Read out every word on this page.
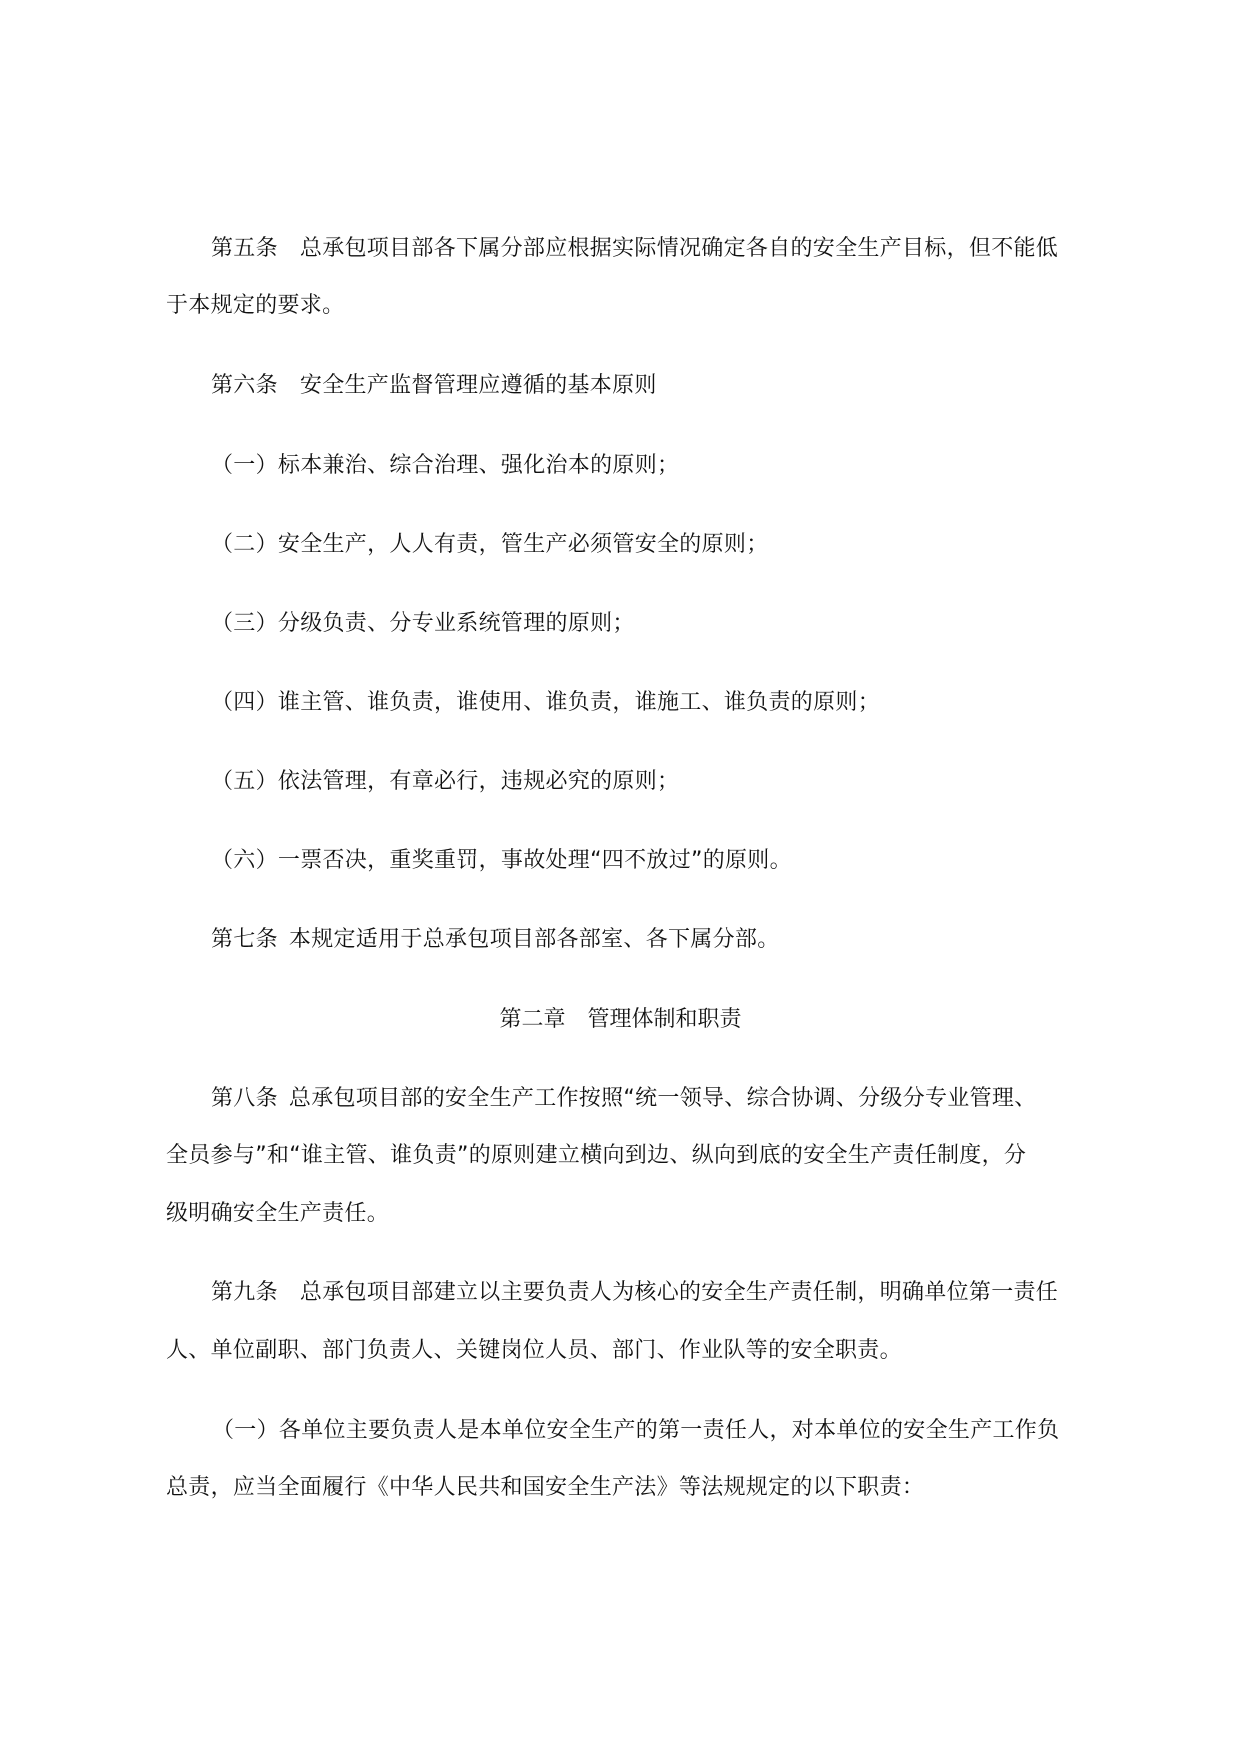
第五条 总承包项目部各下属分部应根据实际情况确定各自的安全生产目标，但不能低
于本规定的要求。
第六条 安全生产监督管理应遵循的基本原则
（一）标本兼治、综合治理、强化治本的原则；
（二）安全生产，人人有责，管生产必须管安全的原则；
（三）分级负责、分专业系统管理的原则；
（四）谁主管、谁负责，谁使用、谁负责，谁施工、谁负责的原则；
（五）依法管理，有章必行，违规必究的原则；
（六）一票否决，重奖重罚，事故处理“四不放过”的原则。
第七条 本规定适用于总承包项目部各部室、各下属分部。
第二章 管理体制和职责
第八条 总承包项目部的安全生产工作按照“统一领导、综合协调、分级分专业管理、
全员参与”和“谁主管、谁负责”的原则建立横向到边、纵向到底的安全生产责任制度，分
级明确安全生产责任。
第九条 总承包项目部建立以主要负责人为核心的安全生产责任制，明确单位第一责任
人、单位副职、部门负责人、关键岗位人员、部门、作业队等的安全职责。
（一）各单位主要负责人是本单位安全生产的第一责任人，对本单位的安全生产工作负
总责，应当全面履行《中华人民共和国安全生产法》等法规规定的以下职责：
